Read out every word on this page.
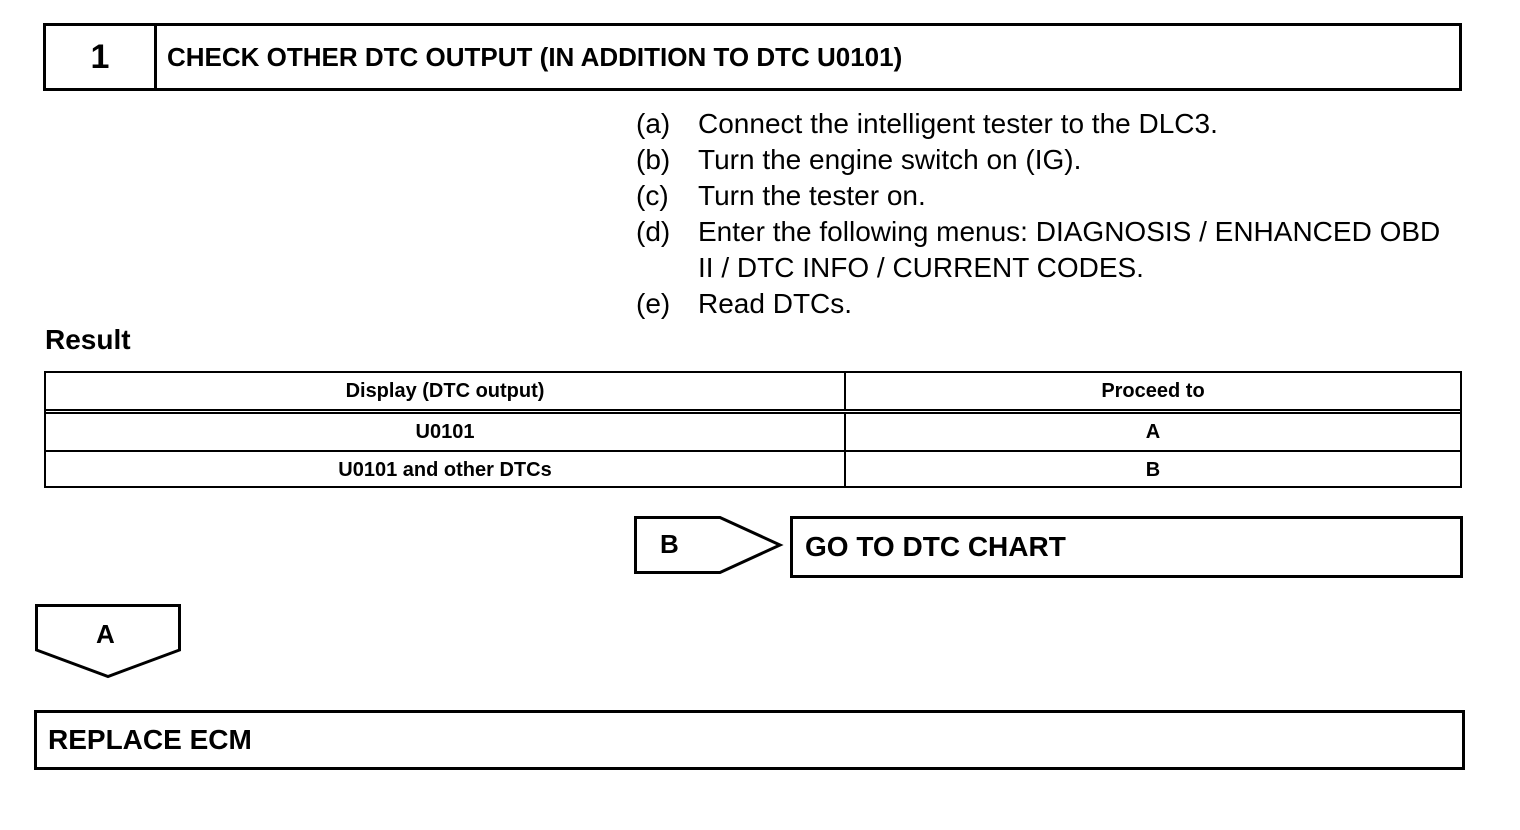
1	CHECK OTHER DTC OUTPUT (IN ADDITION TO DTC U0101)
(a) Connect the intelligent tester to the DLC3.
(b) Turn the engine switch on (IG).
(c)	Turn the tester on.
(d) Enter the following menus: DIAGNOSIS / ENHANCED OBD II / DTC INFO / CURRENT CODES.
(e) Read DTCs.
Result
Display (DTC output)	Proceed to
U0101	A
U0101 and other DTCs	B
B	GO TO DTC CHART
A
REPLACE ECM
